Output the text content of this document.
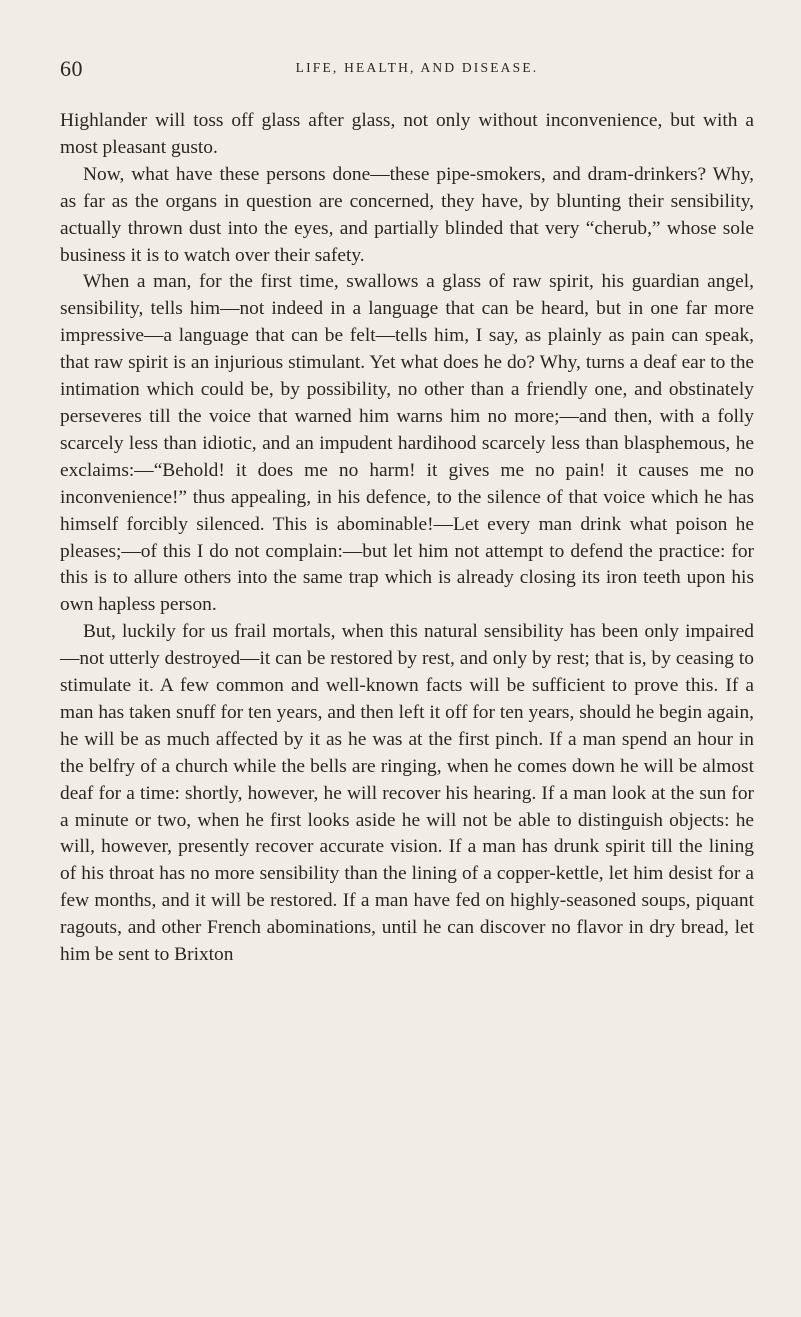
60	LIFE, HEALTH, AND DISEASE.

Highlander will toss off glass after glass, not only without inconvenience, but with a most pleasant gusto.

Now, what have these persons done—these pipe-smokers, and dram-drinkers? Why, as far as the organs in question are concerned, they have, by blunting their sensibility, actually thrown dust into the eyes, and partially blinded that very “cherub,” whose sole business it is to watch over their safety.

When a man, for the first time, swallows a glass of raw spirit, his guardian angel, sensibility, tells him—not indeed in a language that can be heard, but in one far more impressive—a language that can be felt—tells him, I say, as plainly as pain can speak, that raw spirit is an injurious stimulant. Yet what does he do? Why, turns a deaf ear to the intimation which could be, by possibility, no other than a friendly one, and obstinately perseveres till the voice that warned him warns him no more;—and then, with a folly scarcely less than idiotic, and an impudent hardihood scarcely less than blasphemous, he exclaims:—“Behold! it does me no harm! it gives me no pain! it causes me no inconvenience!” thus appealing, in his defence, to the silence of that voice which he has himself forcibly silenced. This is abominable!—Let every man drink what poison he pleases;—of this I do not complain:—but let him not attempt to defend the practice: for this is to allure others into the same trap which is already closing its iron teeth upon his own hapless person.

But, luckily for us frail mortals, when this natural sensibility has been only impaired—not utterly destroyed—it can be restored by rest, and only by rest; that is, by ceasing to stimulate it. A few common and well-known facts will be sufficient to prove this. If a man has taken snuff for ten years, and then left it off for ten years, should he begin again, he will be as much affected by it as he was at the first pinch. If a man spend an hour in the belfry of a church while the bells are ringing, when he comes down he will be almost deaf for a time: shortly, however, he will recover his hearing. If a man look at the sun for a minute or two, when he first looks aside he will not be able to distinguish objects: he will, however, presently recover accurate vision. If a man has drunk spirit till the lining of his throat has no more sensibility than the lining of a copper-kettle, let him desist for a few months, and it will be restored. If a man have fed on highly-seasoned soups, piquant ragouts, and other French abominations, until he can discover no flavor in dry bread, let him be sent to Brixton
